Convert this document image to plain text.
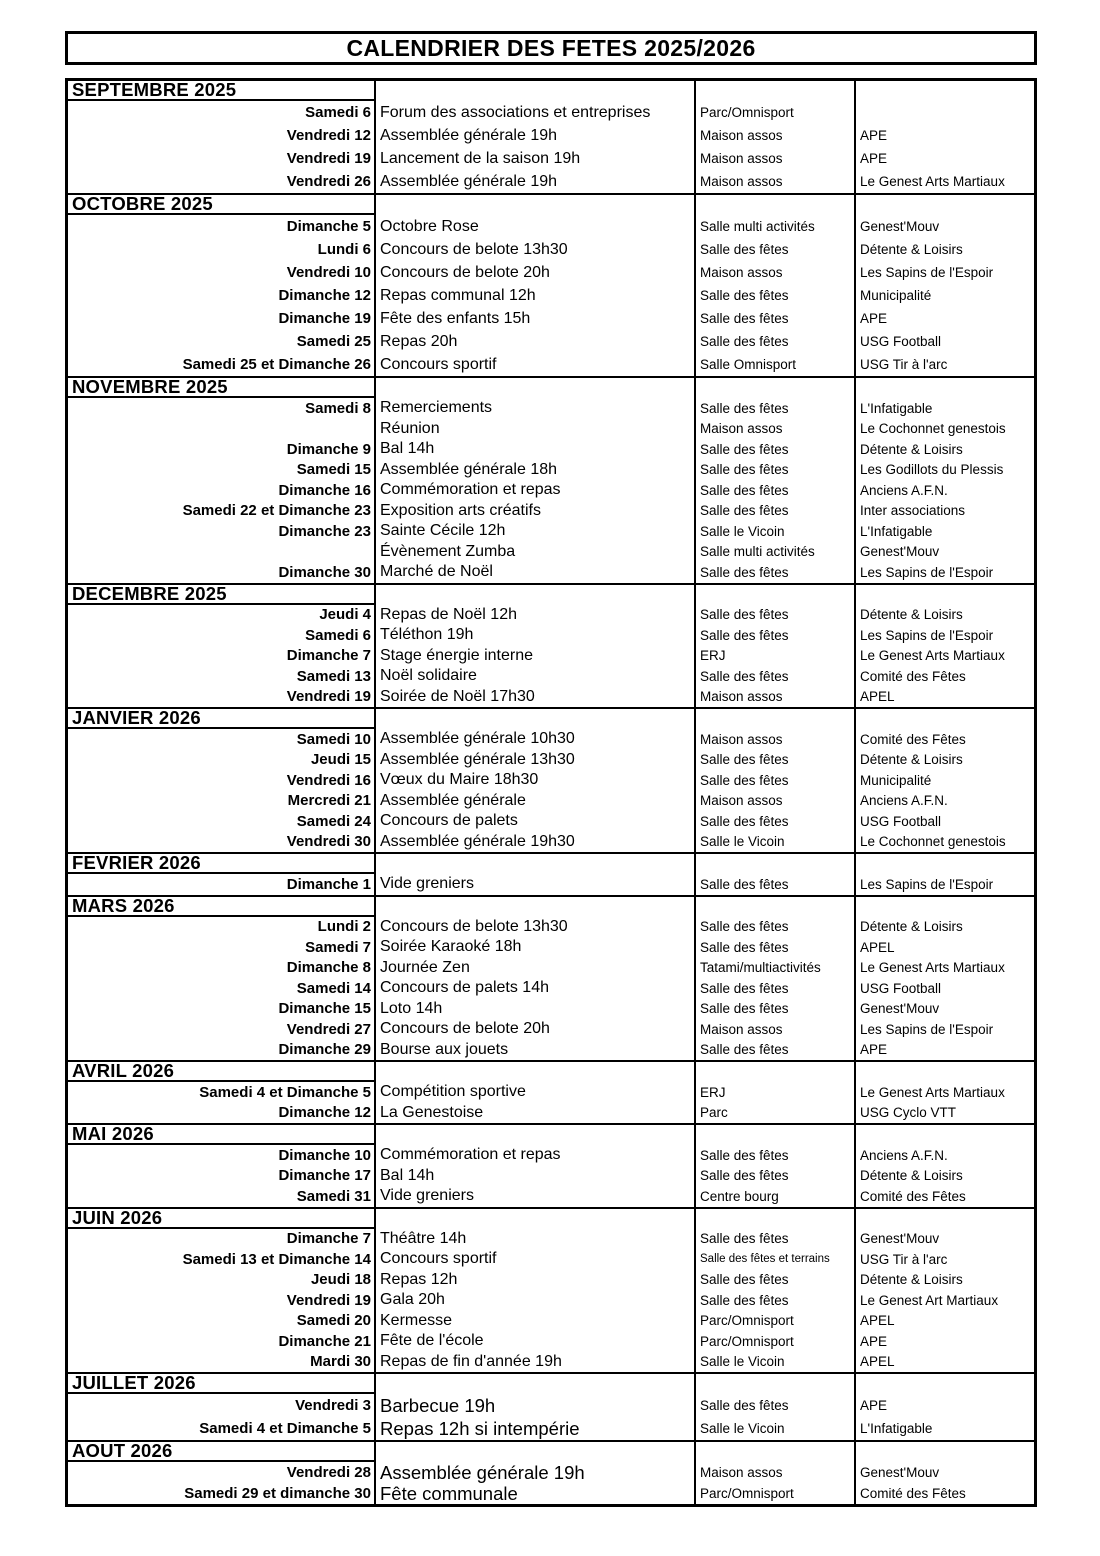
CALENDRIER DES FETES 2025/2026
SEPTEMBRE 2025
Samedi 6 Forum des associations et entreprises	Parc/Omnisport
Vendredi 12 Assemblée générale 19h	Maison assos	APE
Vendredi 19 Lancement de la saison 19h	Maison assos	APE
Vendredi 26 Assemblée générale 19h	Maison assos	Le Genest Arts Martiaux
OCTOBRE 2025
Dimanche 5 Octobre Rose	Salle multi activités	Genest'Mouv
Lundi 6 Concours de belote 13h30	Salle des fêtes	Détente & Loisirs
Vendredi 10 Concours de belote 20h	Maison assos	Les Sapins de l'Espoir
Dimanche 12 Repas communal 12h	Salle des fêtes	Municipalité
Dimanche 19 Fête des enfants 15h	Salle des fêtes	APE
Samedi 25 Repas 20h	Salle des fêtes	USG Football
Samedi 25 et Dimanche 26 Concours sportif	Salle Omnisport	USG Tir à l'arc
NOVEMBRE 2025
Samedi 8 Remerciements	Salle des fêtes	L'Infatigable
Réunion	Maison assos	Le Cochonnet genestois
Dimanche 9 Bal 14h	Salle des fêtes	Détente & Loisirs
Samedi 15 Assemblée générale 18h	Salle des fêtes	Les Godillots du Plessis
Dimanche 16 Commémoration et repas	Salle des fêtes	Anciens A.F.N.
Samedi 22 et Dimanche 23 Exposition arts créatifs	Salle des fêtes	Inter associations
Dimanche 23 Sainte Cécile 12h	Salle le Vicoin	L'Infatigable
Évènement Zumba	Salle multi activités	Genest'Mouv
Dimanche 30 Marché de Noël	Salle des fêtes	Les Sapins de l'Espoir
DECEMBRE 2025
Jeudi 4 Repas de Noël 12h	Salle des fêtes	Détente & Loisirs
Samedi 6 Téléthon 19h	Salle des fêtes	Les Sapins de l'Espoir
Dimanche 7 Stage énergie interne	ERJ	Le Genest Arts Martiaux
Samedi 13 Noël solidaire	Salle des fêtes	Comité des Fêtes
Vendredi 19 Soirée de Noël 17h30	Maison assos	APEL
JANVIER 2026
Samedi 10 Assemblée générale 10h30	Maison assos	Comité des Fêtes
Jeudi 15 Assemblée générale 13h30	Salle des fêtes	Détente & Loisirs
Vendredi 16 Vœux du Maire 18h30	Salle des fêtes	Municipalité
Mercredi 21 Assemblée générale	Maison assos	Anciens A.F.N.
Samedi 24 Concours de palets	Salle des fêtes	USG Football
Vendredi 30 Assemblée générale 19h30	Salle le Vicoin	Le Cochonnet genestois
FEVRIER 2026
Dimanche 1 Vide greniers	Salle des fêtes	Les Sapins de l'Espoir
MARS 2026
Lundi 2 Concours de belote 13h30	Salle des fêtes	Détente & Loisirs
Samedi 7 Soirée Karaoké 18h	Salle des fêtes	APEL
Dimanche 8 Journée Zen	Tatami/multiactivités	Le Genest Arts Martiaux
Samedi 14 Concours de palets 14h	Salle des fêtes	USG Football
Dimanche 15 Loto 14h	Salle des fêtes	Genest'Mouv
Vendredi 27 Concours de belote 20h	Maison assos	Les Sapins de l'Espoir
Dimanche 29 Bourse aux jouets	Salle des fêtes	APE
AVRIL 2026
Samedi 4 et Dimanche 5 Compétition sportive	ERJ	Le Genest Arts Martiaux
Dimanche 12 La Genestoise	Parc	USG Cyclo VTT
MAI 2026
Dimanche 10 Commémoration et repas	Salle des fêtes	Anciens A.F.N.
Dimanche 17 Bal 14h	Salle des fêtes	Détente & Loisirs
Samedi 31 Vide greniers	Centre bourg	Comité des Fêtes
JUIN 2026
Dimanche 7 Théâtre 14h	Salle des fêtes	Genest'Mouv
Samedi 13 et Dimanche 14 Concours sportif	Salle des fêtes et terrains	USG Tir à l'arc
Jeudi 18 Repas 12h	Salle des fêtes	Détente & Loisirs
Vendredi 19 Gala 20h	Salle des fêtes	Le Genest Art Martiaux
Samedi 20 Kermesse	Parc/Omnisport	APEL
Dimanche 21 Fête de l'école	Parc/Omnisport	APE
Mardi 30 Repas de fin d'année 19h	Salle le Vicoin	APEL
JUILLET 2026
Vendredi 3 Barbecue 19h	Salle des fêtes	APE
Samedi 4 et Dimanche 5 Repas 12h si intempérie	Salle le Vicoin	L'Infatigable
AOUT 2026
Vendredi 28 Assemblée générale 19h	Maison assos	Genest'Mouv
Samedi 29 et dimanche 30 Fête communale	Parc/Omnisport	Comité des Fêtes
